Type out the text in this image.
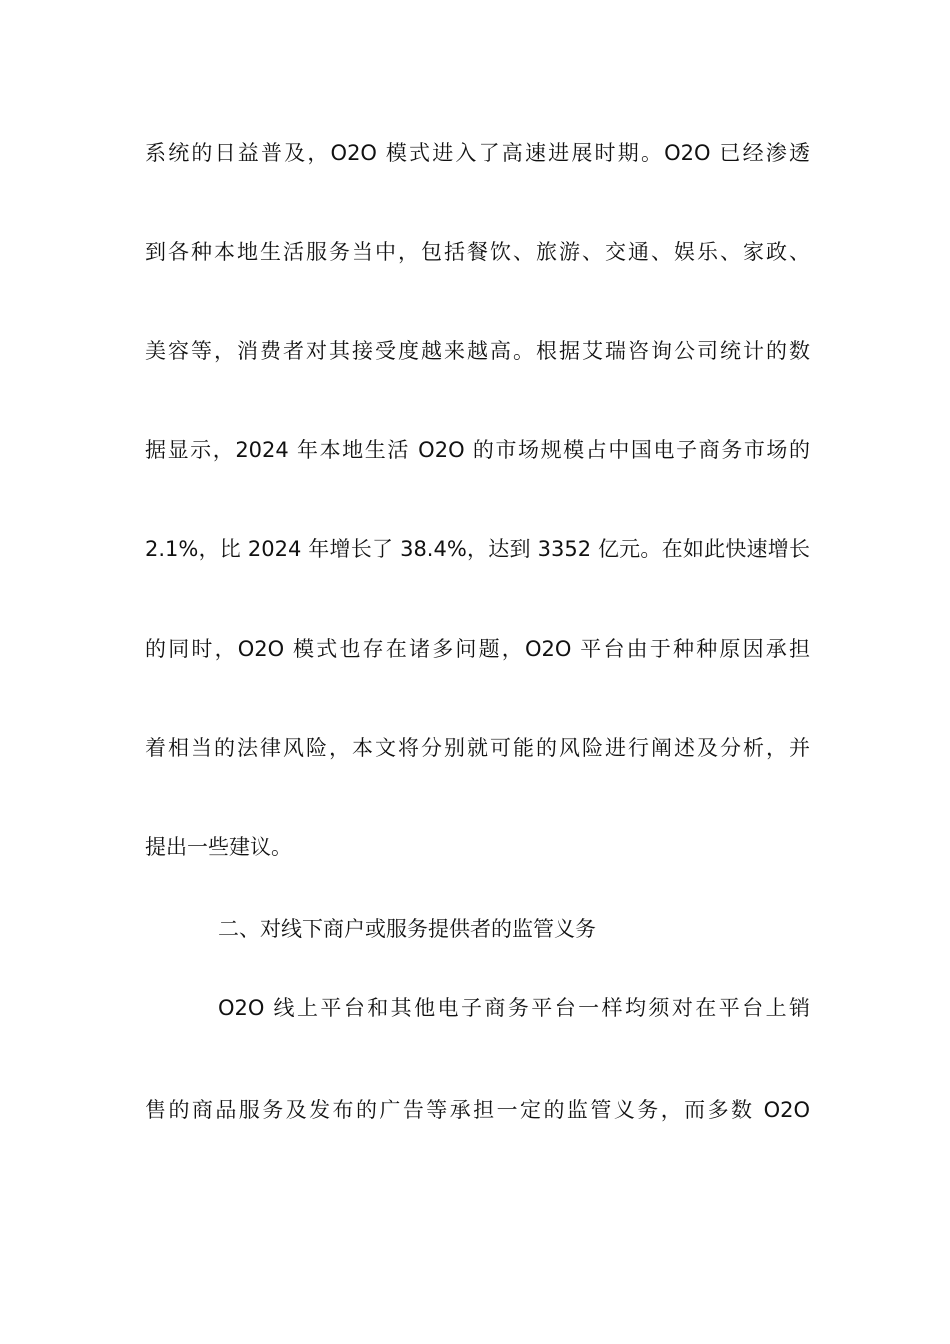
系统的日益普及，O2O 模式进入了高速进展时期。O2O 已经渗透
到各种本地生活服务当中，包括餐饮、旅游、交通、娱乐、家政、
美容等，消费者对其接受度越来越高。根据艾瑞咨询公司统计的数
据显示，2024 年本地生活 O2O 的市场规模占中国电子商务市场的
2.1%，比 2024 年增长了 38.4%，达到 3352 亿元。在如此快速增长
的同时，O2O 模式也存在诸多问题，O2O 平台由于种种原因承担
着相当的法律风险，本文将分别就可能的风险进行阐述及分析，并
提出一些建议。
二、对线下商户或服务提供者的监管义务
O2O 线上平台和其他电子商务平台一样均须对在平台上销
售的商品服务及发布的广告等承担一定的监管义务，而多数 O2O
